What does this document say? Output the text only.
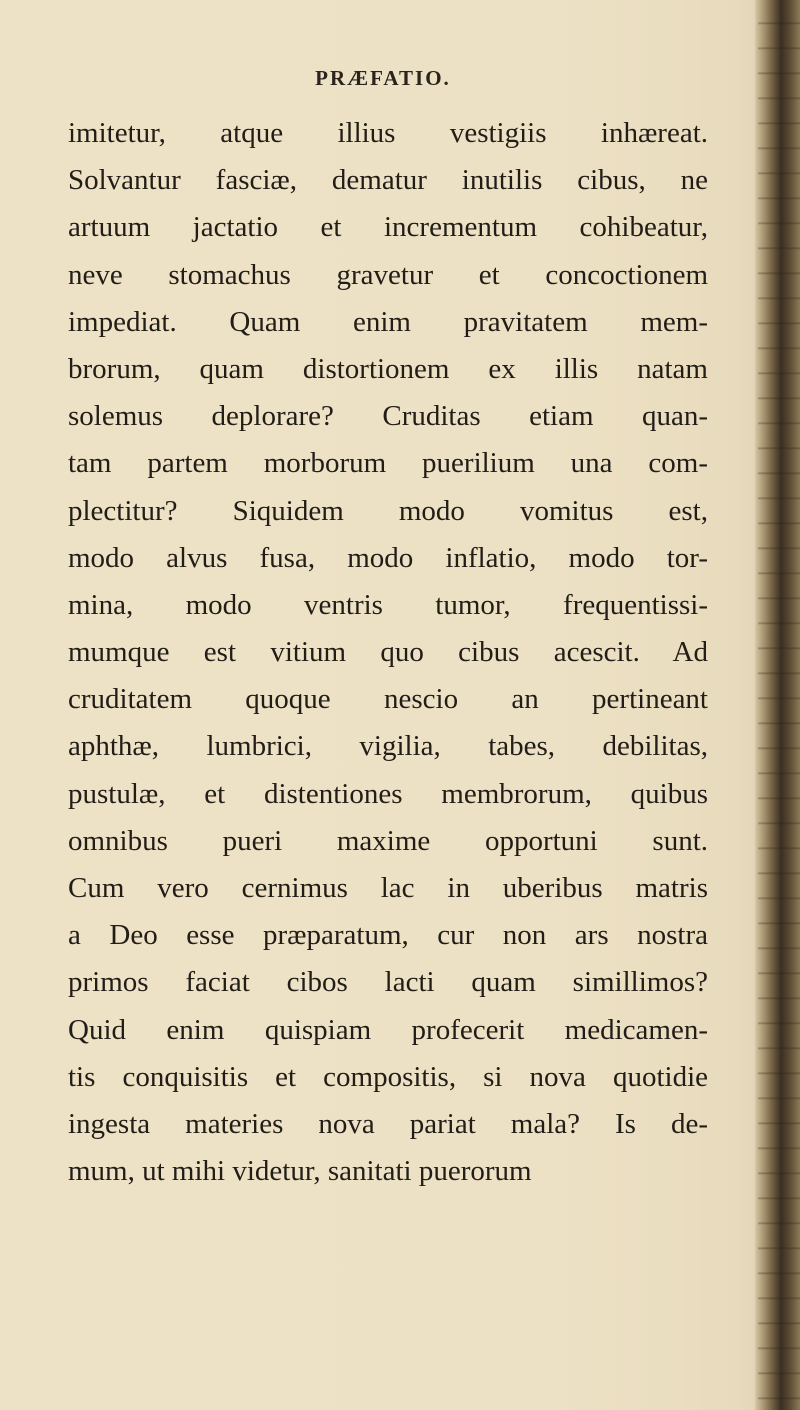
PRÆFATIO.
imitetur, atque illius vestigiis inhæreat.
Solvantur fasciæ, dematur inutilis cibus, ne
artuum jactatio et incrementum cohibeatur,
neve stomachus gravetur et concoctionem
impediat. Quam enim pravitatem mem-
brorum, quam distortionem ex illis natam
solemus deplorare? Cruditas etiam quan-
tam partem morborum puerilium una com-
plectitur? Siquidem modo vomitus est,
modo alvus fusa, modo inflatio, modo tor-
mina, modo ventris tumor, frequentissi-
mumque est vitium quo cibus acescit. Ad
cruditatem quoque nescio an pertineant
aphthæ, lumbrici, vigilia, tabes, debilitas,
pustulæ, et distentiones membrorum, quibus
omnibus pueri maxime opportuni sunt.
Cum vero cernimus lac in uberibus matris
a Deo esse præparatum, cur non ars nostra
primos faciat cibos lacti quam simillimos?
Quid enim quispiam profecerit medicamen-
tis conquisitis et compositis, si nova quotidie
ingesta materies nova pariat mala? Is de-
mum, ut mihi videtur, sanitati puerorum
